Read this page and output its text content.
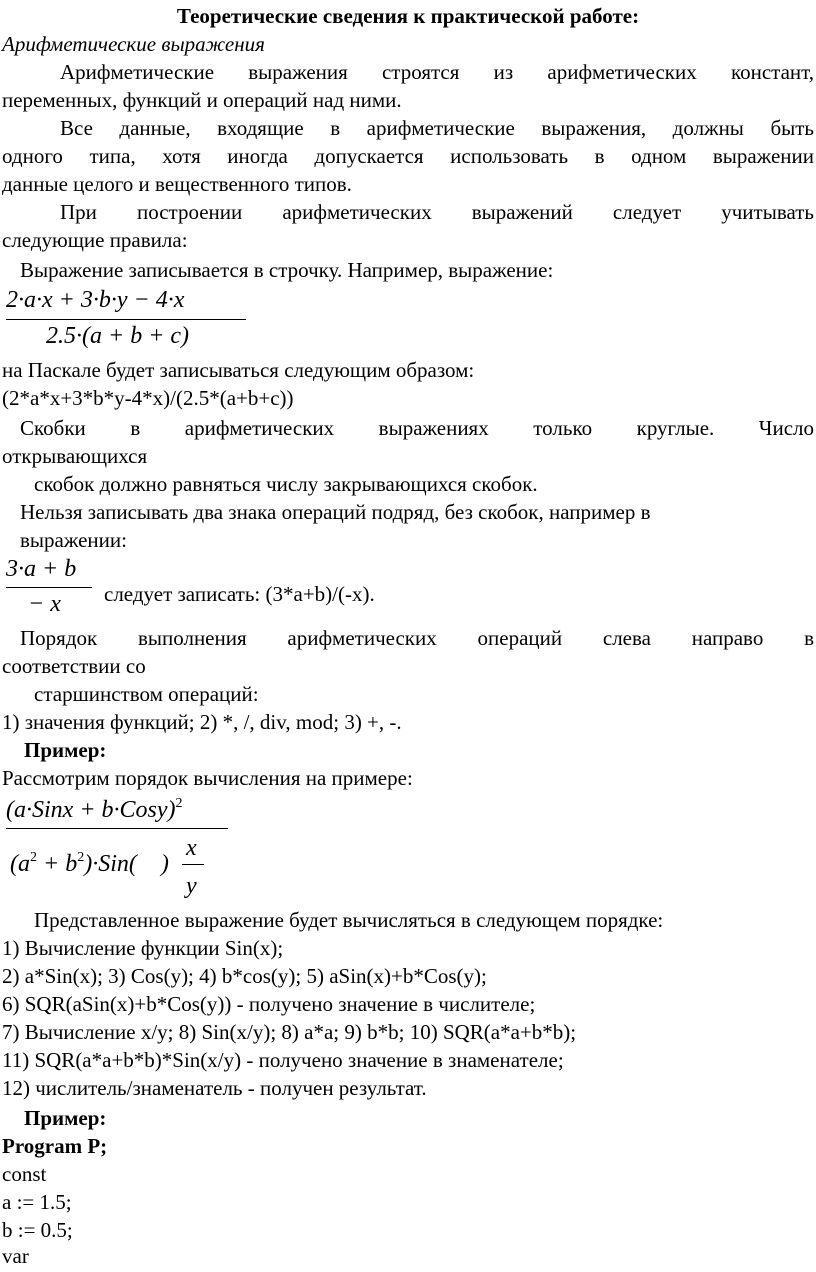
Теоретические сведения к практической работе:
Арифметические выражения
Арифметические выражения строятся из арифметических констант,
переменных, функций и операций над ними.
Все данные, входящие в арифметические выражения, должны быть
одного типа, хотя иногда допускается использовать в одном выражении
данные целого и вещественного типов.
При построении арифметических выражений следует учитывать
следующие правила:
Выражение записывается в строчку. Например, выражение:
2·a·x + 3·b·y − 4·x
2.5·(a + b + c)
на Паскале будет записываться следующим образом:
(2*a*x+3*b*y-4*x)/(2.5*(a+b+c))
Скобки в арифметических выражениях только круглые. Число
открывающихся
скобок должно равняться числу закрывающихся скобок.
Нельзя записывать два знака операций подряд, без скобок, например в
выражении:
3·a + b
− x следует записать: (3*a+b)/(-x).
Порядок выполнения арифметических операций слева направо в
соответствии со
старшинством операций:
1) значения функций; 2) *, /, div, mod; 3) +, -.
Пример:
Рассмотрим порядок вычисления на примере:
(a·Sinx + b·Cosy)$^2$
$(a^2 + b^2)\cdot Sin$( )
x
y
Представленное выражение будет вычисляться в следующем порядке:
1) Вычисление функции Sin(x);
2) a*Sin(x); 3) Cos(y); 4) b*cos(y); 5) aSin(x)+b*Cos(y);
6) SQR(aSin(x)+b*Cos(y)) - получено значение в числителе;
7) Вычисление x/y; 8) Sin(x/y); 8) a*a; 9) b*b; 10) SQR(a*a+b*b);
11) SQR(a*a+b*b)*Sin(x/y) - получено значение в знаменателе;
12) числитель/знаменатель - получен результат.
Пример:
Program P;
const
a := 1.5;
b := 0.5;
var
